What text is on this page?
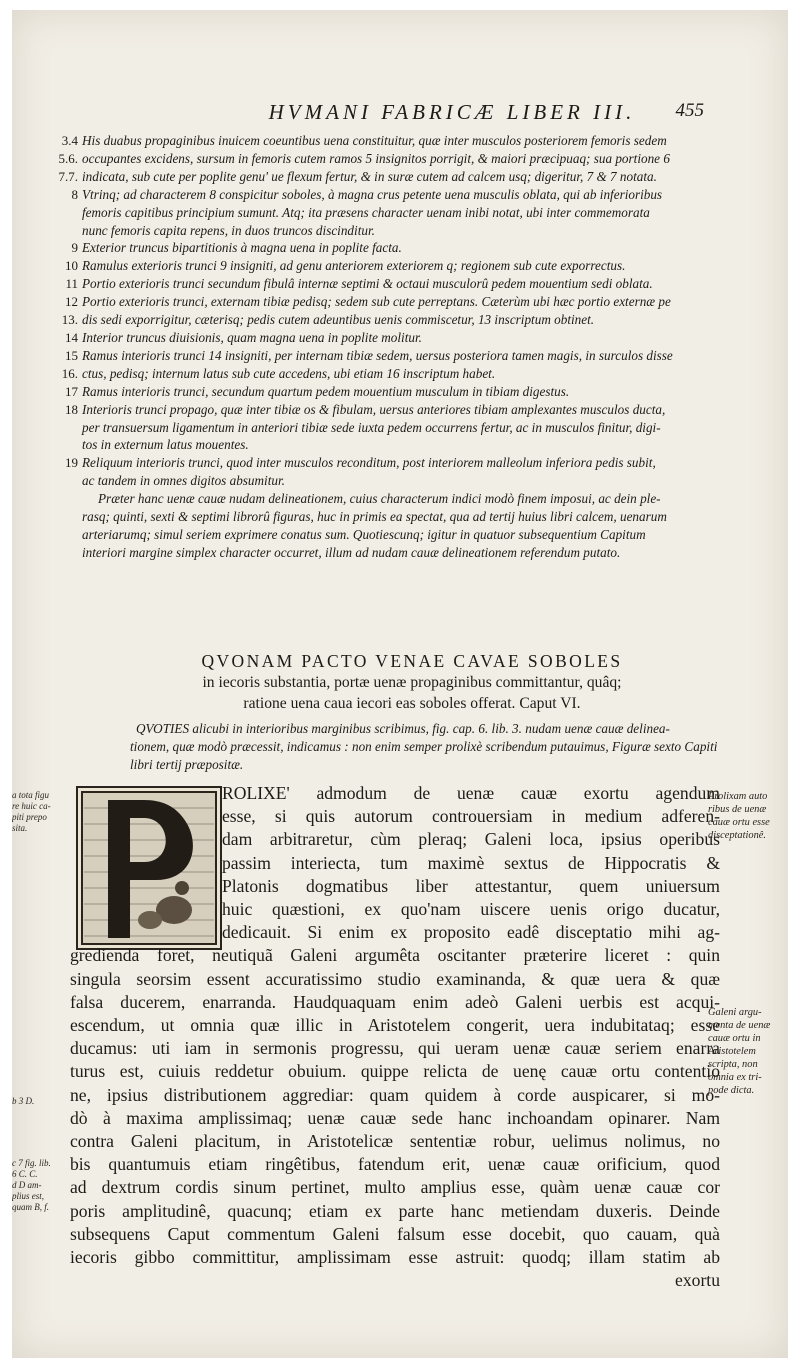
HVMANI FABRICÆ LIBER III.	455
3.4 His duabus propaginibus inuicem coeuntibus uena constituitur, quæ inter musculos posteriorem femoris sedem
5.6. occupantes excidens, sursum in femoris cutem ramos 5 insignitos porrigit, & maiori præcipuaq; sua portione 6
7.7. indicata, sub cute per poplite genu' ue flexum fertur, & in suræ cutem ad calcem usq; digeritur, 7 & 7 notata.
8 Vtrinq; ad characterem 8 conspicitur soboles, à magna crus petente uena musculis oblata, qui ab inferioribus
femoris capitibus principium sumunt. Atq; ita præsens character uenam inibi notat, ubi inter commemorata
nunc femoris capita repens, in duos truncos discinditur.
9 Exterior truncus bipartitionis à magna uena in poplite facta.
10 Ramulus exterioris trunci 9 insigniti, ad genu anteriorem exteriorem q; regionem sub cute exporrectus.
11 Portio exterioris trunci secundum fibulâ internæ septimi & octaui musculorû pedem mouentium sedi oblata.
12 Portio exterioris trunci, externam tibiæ pedisq; sedem sub cute perreptans. Cæterùm ubi hæc portio externæ pe
13. dis sedi exporrigitur, cæterisq; pedis cutem adeuntibus uenis commiscetur, 13 inscriptum obtinet.
14 Interior truncus diuisionis, quam magna uena in poplite molitur.
15 Ramus interioris trunci 14 insigniti, per internam tibiæ sedem, uersus posteriora tamen magis, in surculos disse
16. ctus, pedisq; internum latus sub cute accedens, ubi etiam 16 inscriptum habet.
17 Ramus interioris trunci, secundum quartum pedem mouentium musculum in tibiam digestus.
18 Interioris trunci propago, quæ inter tibiæ os & fibulam, uersus anteriores tibiam amplexantes musculos ducta,
per transuersum ligamentum in anteriori tibiæ sede iuxta pedem occurrens fertur, ac in musculos finitur, digi-
tos in externum latus mouentes.
19 Reliquum interioris trunci, quod inter musculos reconditum, post interiorem malleolum inferiora pedis subit,
ac tandem in omnes digitos absumitur.
Præter hanc uenæ cauæ nudam delineationem, cuius characterum indici modò finem imposui, ac dein ple-
rasq; quinti, sexti & septimi librorû figuras, huc in primis ea spectat, qua ad tertij huius libri calcem, uenarum
arteriarumq; simul seriem exprimere conatus sum. Quotiescunq; igitur in quatuor subsequentium Capitum
interiori margine simplex character occurret, illum ad nudam cauæ delineationem referendum putato.
QVONAM PACTO VENAE CAVAE SOBOLES
in iecoris substantia, portæ uenæ propaginibus committantur, quâq;
ratione uena caua iecori eas soboles offerat. Caput VI.
QVOTIES alicubi in interioribus marginibus scribimus, fig. cap. 6. lib. 3. nudam uenæ cauæ delinea-
tionem, quæ modò præcessit, indicamus : non enim semper prolixè scribendum putauimus, Figuræ sexto Capiti
libri tertij præpositæ.
ROLIXE' admodum de uenæ cauæ exortu agendum
esse, si quis autorum controuersiam in medium adferen-
dam arbitraretur, cùm pleraq; Galeni loca, ipsius operibus
passim interiecta, tum maximè sextus de Hippocratis &
Platonis dogmatibus liber attestantur, quem uniuersum
huic quæstioni, ex quo'nam uiscere uenis origo ducatur,
dedicauit. Si enim ex proposito eadê disceptatio mihi ag-
gredienda foret, neutiquã Galeni argumêta oscitanter præterire liceret : quin
singula seorsim essent accuratissimo studio examinanda, & quæ uera & quæ
falsa ducerem, enarranda. Haudquaquam enim adeò Galeni uerbis est acqui-
escendum, ut omnia quæ illic in Aristotelem congerit, uera indubitataq; esse
ducamus: uti iam in sermonis progressu, qui ueram uenæ cauæ seriem enarra
turus est, cuiuis reddetur obuium. quippe relicta de uenę cauæ ortu contentio
ne, ipsius distributionem aggrediar: quam quidem à corde auspicarer, si mo-
dò à maxima amplissimaq; uenæ cauæ sede hanc inchoandam opinarer. Nam
contra Galeni placitum, in Aristotelicæ sententiæ robur, uelimus nolimus, no
bis quantumuis etiam ringêtibus, fatendum erit, uenæ cauæ orificium, quod
ad dextrum cordis sinum pertinet, multo amplius esse, quàm uenæ cauæ cor
poris amplitudinê, quacunq; etiam ex parte hanc metiendam duxeris. Deinde
subsequens Caput commentum Galeni falsum esse docebit, quo cauam, quà
iecoris gibbo committitur, amplissimam esse astruit: quodq; illam statim ab
exortu
a tota figu
re huic ca-
piti prepo
sita.
b 3 D.
c 7 fig. lib.
6 C. C.
d D am-
plius est,
quam B, f.
Prolixam auto
ribus de uenæ
cauæ ortu esse
disceptationê.
Galeni argu-
menta de uenæ
cauæ ortu in
Aristotelem
scripta, non
omnia ex tri-
pode dicta.
